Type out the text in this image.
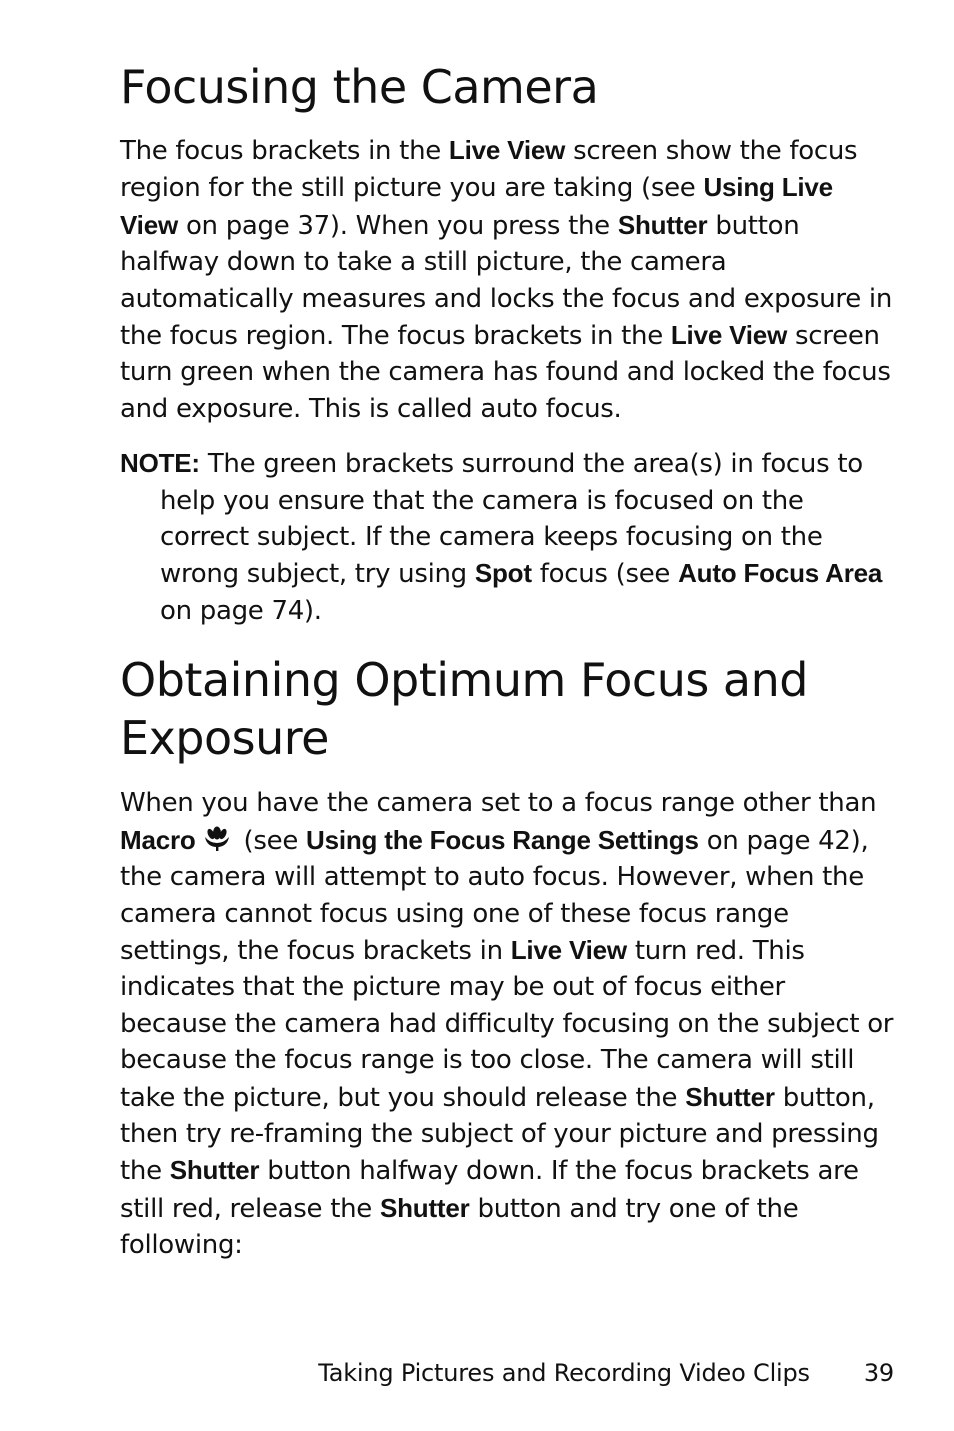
Focusing the Camera

The focus brackets in the Live View screen show the focus region for the still picture you are taking (see Using Live View on page 37). When you press the Shutter button halfway down to take a still picture, the camera automatically measures and locks the focus and exposure in the focus region. The focus brackets in the Live View screen turn green when the camera has found and locked the focus and exposure. This is called auto focus.

NOTE: The green brackets surround the area(s) in focus to help you ensure that the camera is focused on the correct subject. If the camera keeps focusing on the wrong subject, try using Spot focus (see Auto Focus Area on page 74).

Obtaining Optimum Focus and Exposure

When you have the camera set to a focus range other than Macro (see Using the Focus Range Settings on page 42), the camera will attempt to auto focus. However, when the camera cannot focus using one of these focus range settings, the focus brackets in Live View turn red. This indicates that the picture may be out of focus either because the camera had difficulty focusing on the subject or because the focus range is too close. The camera will still take the picture, but you should release the Shutter button, then try re-framing the subject of your picture and pressing the Shutter button halfway down. If the focus brackets are still red, release the Shutter button and try one of the following:

Taking Pictures and Recording Video Clips 39
